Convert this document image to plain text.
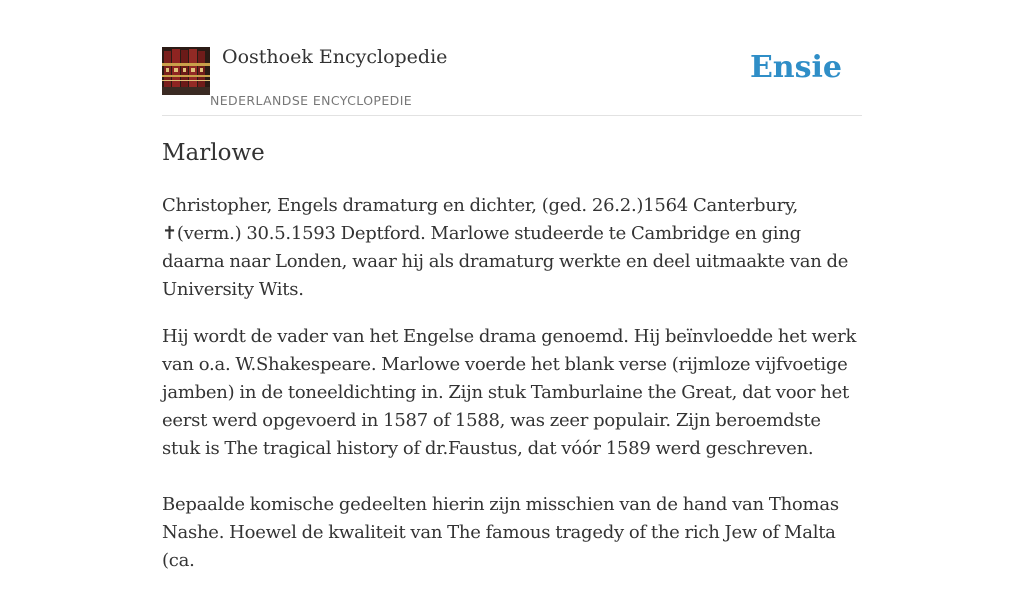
Oosthoek Encyclopedie
NEDERLANDSE ENCYCLOPEDIE
Ensie
Marlowe

Christopher, Engels dramaturg en dichter, (ged. 26.2.)1564 Canterbury, ✝(verm.) 30.5.1593 Deptford. Marlowe studeerde te Cambridge en ging daarna naar Londen, waar hij als dramaturg werkte en deel uitmaakte van de University Wits.

Hij wordt de vader van het Engelse drama genoemd. Hij beïnvloedde het werk van o.a. W.Shakespeare. Marlowe voerde het blank verse (rijmloze vijfvoetige jamben) in de toneeldichting in. Zijn stuk Tamburlaine the Great, dat voor het eerst werd opgevoerd in 1587 of 1588, was zeer populair. Zijn beroemdste stuk is The tragical history of dr.Faustus, dat vóór 1589 werd geschreven.

Bepaalde komische gedeelten hierin zijn misschien van de hand van Thomas Nashe. Hoewel de kwaliteit van The famous tragedy of the rich Jew of Malta (ca.
